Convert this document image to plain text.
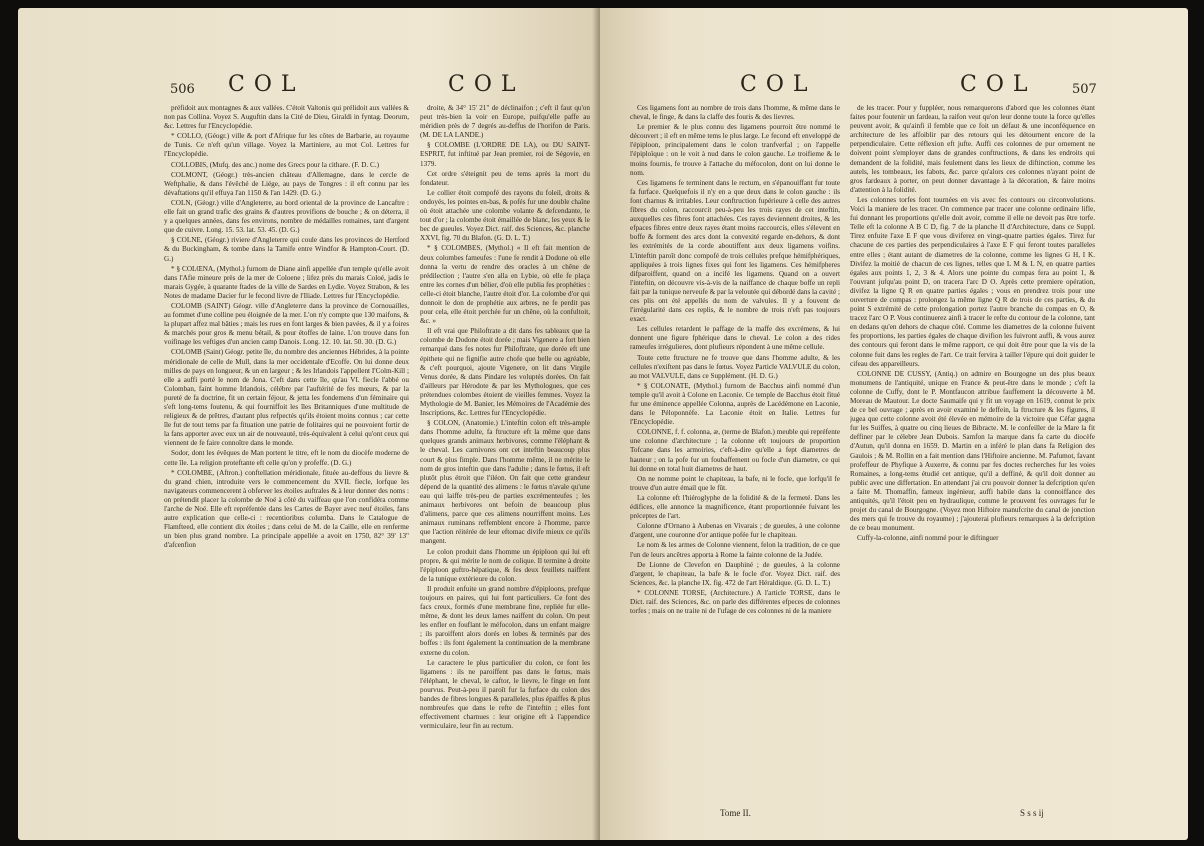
506 COL	COL

préfidoit aux montagnes & aux vallées. C'étoit Valtonis qui prélidoit aux vallées & non pas Collina. Voyez S. Auguftin dans la Cité de Dieu, Giraldi in fyntag. Deorum, &c. Lettres fur l'Encyclopédie.

* COLLO, (Géogr.) ville & port d'Afrique fur les côtes de Barbarie, au royaume de Tunis. Ce n'eft qu'un village. Voyez la Martiniere, au mot Col. Lettres fur l'Encyclopédie.

COLLOBIS, (Mufq. des anc.) nome des Grecs pour la cithare. (F. D. C.)

COLMONT, (Géogr.) très-ancien château d'Allemagne, dans le cercle de Weftphalie, & dans l'évêché de Liége, au pays de Tongres : il eft connu par les dévaftations qu'il effuya l'an 1150 & l'an 1429. (D. G.)

COLN, (Géogr.) ville d'Angleterre, au bord oriental de la province de Lancaftre : elle fait un grand trafic des grains & d'autres provifions de bouche ; & on déterra, il y a quelques années, dans fes environs, nombre de médailles romaines, tant d'argent que de cuivre. Long. 15. 53. lat. 53. 45. (D. G.)

§ COLNE, (Géogr.) riviere d'Angleterre qui coule dans les provinces de Hertford & du Buckingham, & tombe dans la Tamife entre Windfor & Hampton-Court. (D. G.)

* § COLŒNA, (Mythol.) furnom de Diane ainfi appellée d'un temple qu'elle avoit dans l'Afie mineure près de la mer de Coloene ; lifez près du marais Coloé, jadis le marais Gygée, à quarante ftades de la ville de Sardes en Lydie. Voyez Strabon, & les Notes de madame Dacier fur le fecond livre de l'Iliade. Lettres fur l'Encyclopédie.

COLOMB (SAINT) Géogr. ville d'Angleterre dans la province de Cornouailles, au fommet d'une colline peu éloignée de la mer. L'on n'y compte que 130 maifons, & la plupart affez mal bâties ; mais les rues en font larges & bien pavées, & il y a foires & marchés pour gros & menu bétail, & pour étoffes de laine. L'on trouve dans fon voifinage les veftiges d'un ancien camp Danois. Long. 12. 10. lat. 50. 30. (D. G.)

COLOMB (Saint) Géogr. petite île, du nombre des anciennes Hébrides, à la pointe méridionale de celle de Mull, dans la mer occidentale d'Ecoffe. On lui donne deux milles de pays en longueur, & un en largeur ; & les Irlandois l'appellent I'Colm-Kill ; elle a auffi porté le nom de Jona. C'eft dans cette île, qu'au VI. fiecle l'abbé ou Colomban, faint homme Irlandois, célébre par l'auftérité de fes mœurs, & par la pureté de fa doctrine, fit un certain féjour, & jetta les fondemens d'un féminaire qui s'eft long-tems foutenu, & qui fourniffoit les îles Britanniques d'une multitude de religieux & de prêtres, d'autant plus refpectés qu'ils étoient moins connus ; car cette île fut de tout tems par fa fituation une patrie de folitaires qui ne pouvoient fortir de la fans apporter avec eux un air de nouveauté, très-équivalent à celui qu'ont ceux qui viennent de fe faire connoître dans le monde.

Sodor, dont les évêques de Man portent le titre, eft le nom du diocèfe moderne de cette île. La religion proteftante eft celle qu'on y profeffe. (D. G.)

* COLOMBE, (Aftron.) conftellation méridionale, fituée au-deffous du lievre & du grand chien, introduite vers le commencement du XVII. fiecle, lorfque les navigateurs commencerent à obferver les étoiles auftrales & à leur donner des noms : on prétendit placer la colombe de Noé à côté du vaiffeau que l'on confidéra comme l'arche de Noé. Elle eft repréfentée dans les Cartes de Bayer avec neuf étoiles, fans autre explication que celle-ci : recentioribus columba. Dans le Catalogue de Flamfteed, elle contient dix étoiles ; dans celui de M. de la Caille, elle en renferme un bien plus grand nombre. La principale appellée a avoit en 1750, 82° 39' 13" d'afcenfion

droite, & 34° 15' 21" de déclinaifon ; c'eft il faut qu'on peut très-bien la voir en Europe, puifqu'elle paffe au méridien près de 7 degrés au-deffus de l'horifon de Paris. (M. DE LA LANDE.)

§ COLOMBE (L'ORDRE DE LA), ou DU SAINT-ESPRIT, fut inftitué par Jean premier, roi de Ségovie, en 1379.

Cet ordre s'éteignit peu de tems après la mort du fondateur.

Le collier étoit compofé des rayons du foleil, droits & ondoyés, les pointes en-bas, & pofés fur une double chaîne où étoit attachée une colombe volante & defcendante, le tout d'or ; la colombe étoit émaillée de blanc, les yeux & le bec de gueules. Voyez Dict. raif. des Sciences, &c. planche XXVI, fig. 70 du Blafon. (G. D. L. T.)

* § COLOMBES, (Mythol.) « Il eft fait mention de deux colombes fameufes : l'une fe rendit à Dodone où elle donna la vertu de rendre des oracles à un chêne de prédilection ; l'autre s'en alla en Lybie, où elle fe plaça entre les cornes d'un bélier, d'où elle publia fes prophéties : celle-ci étoit blanche, l'autre étoit d'or. La colombe d'or qui donnoit le don de prophétie aux arbres, ne fe perdit pas pour cela, elle étoit perchée fur un chêne, où la confultoit, &c. »

Il eft vrai que Philoftrate a dit dans fes tableaux que la colombe de Dodone étoit dorée ; mais Vigenere a fort bien remarqué dans fes notes fur Philoftrate, que dorée eft une épithete qui ne fignifie autre chofe que belle ou agréable, & c'eft pourquoi, ajoute Vigenere, on lit dans Virgile Venus dorée, & dans Pindare les voluptés dorées. On fait d'ailleurs par Hérodote & par les Mythologues, que ces prétendues colombes étoient de vieilles femmes. Voyez la Mythologie de M. Banier, les Mémoires de l'Académie des Inscriptions, &c. Lettres fur l'Encyclopédie.

§ COLON, (Anatomie.) L'inteftin colon eft très-ample dans l'homme adulte, fa ftructure eft la même que dans quelques grands animaux herbivores, comme l'éléphant & le cheval. Les carnivores ont cet inteftin beaucoup plus court & plus fimple. Dans l'homme même, il ne mérite le nom de gros inteftin que dans l'adulte ; dans le fœtus, il eft plutôt plus étroit que l'iléon. On fait que cette grandeur dépend de la quantité des alimens : le fœtus n'avale qu'une eau qui laiffe très-peu de parties excrémenteufes ; les animaux herbivores ont befoin de beaucoup plus d'alimens, parce que ces alimens nourriffent moins. Les animaux ruminans reffemblent encore à l'homme, parce que l'action réitérée de leur eftomac divife mieux ce qu'ils mangent.

Le colon produit dans l'homme un épiploon qui lui eft propre, & qui mérite le nom de colique. Il termine à droite l'épiploon guftro-hépatique, & fes deux feuillets naiffent de la tunique extérieure du colon.

Il produit enfuite un grand nombre d'épiploons, prefque toujours en paires, qui lui font particuliers. Ce font des facs creux, formés d'une membrane fine, repliée fur elle-même, & dont les deux lames naiffent du colon. On peut les enfler en fouflant le méfocolon, dans un enfant maigre ; ils paroiffent alors dorés en lobes & terminés par des boffes : ils font également la continuation de la membrane externe du colon.

Le caractere le plus particulier du colon, ce font les ligamens : ils ne paroiffent pas dans le fœtus, mais l'éléphant, le cheval, le caftor, le lievre, le finge en font pourvus. Peut-à-peu il paroît fur la furface du colon des bandes de fibres longues & paralleles, plus épaiffes & plus nombreufes que dans le refte de l'inteftin ; elles font effectivement charnues : leur origine eft à l'appendice vermiculaire, leur fin au rectum.

COL	COL	507

Ces ligamens font au nombre de trois dans l'homme, & même dans le cheval, le finge, & dans la claffe des fouris & des lievres.

Le premier & le plus connu des ligamens pourroit être nommé le découvert ; il eft en même tems le plus large. Le fecond eft enveloppé de l'épiploon, principalement dans le colon tranfverfal ; on l'appelle l'épiploïque : on le voit à nud dans le colon gauche. Le troifieme & le moins fournis, fe trouve à l'attache du méfocolon, dont on lui donne le nom.

Ces ligamens fe terminent dans le rectum, en s'épanouiffant fur toute fa furface. Quelquefois il n'y en a que deux dans le colon gauche : ils font charnus & irritables. Leur conftruction fupérieure à celle des autres fibres du colon, raccourcit peu-à-peu les trois rayes de cet inteftin, auxquelles ces fibres font attachées. Ces rayes deviennent droites, & les efpaces fibres entre deux rayes étant moins raccourcis, elles s'élevent en boffe & forment des arcs dont la convexité regarde en-dehors, & dont les extrémités de la corde aboutiffent aux deux ligamens voifins. L'inteftin paroît donc compofé de trois cellules prefque hémifphériques, appliquées à trois lignes fixes qui font les ligamens. Ces hémifpheres difparoiffent, quand on a incifé les ligamens. Quand on a ouvert l'inteftin, on découvre vis-à-vis de la naiffance de chaque boffe un repli fait par la tunique nerveufe & par la veloutée qui débordé dans la cavité ; ces plis ont été appellés du nom de valvules. Il y a fouvent de l'irrégularité dans ces replis, & le nombre de trois n'eft pas toujours exact.

Les cellules retardent le paffage de la maffe des excrémens, & lui donnent une figure fphérique dans le cheval. Le colon a des rides rameufes irrégulieres, dont plufieurs répondent à une même cellule.

Toute cette ftructure ne fe trouve que dans l'homme adulte, & les cellules n'exiftent pas dans le fœtus. Voyez Particle VALVULE du colon, au mot VALVULE, dans ce Supplément. (H. D. G.)

* § COLONATE, (Mythol.) furnom de Bacchus ainfi nommé d'un temple qu'il avoit à Colone en Laconie. Ce temple de Bacchus étoit fitué fur une éminence appellée Colonna, auprès de Lacédémone en Laconie, dans le Péloponnèfe. La Laconie étoit en Italie. Lettres fur l'Encyclopédie.

COLONNE, f. f. colonna, æ, (terme de Blafon.) meuble qui repréfente une colonne d'architecture ; la colonne eft toujours de proportion Tofcane dans les armoiries, c'eft-à-dire qu'elle a fept diametres de hauteur ; on la pofe fur un foubaffement ou focle d'un diametre, ce qui lui donne en total huit diametres de haut.

On ne nomme point le chapiteau, la bafe, ni le focle, que lorfqu'il fe trouve d'un autre émail que le fût.

La colonne eft l'hiéroglyphe de la folidité & de la fermeté. Dans les édifices, elle annonce la magnificence, étant proportionnée fuivant les préceptes de l'art.

Colonne d'Ornano à Aubenas en Vivarais ; de gueules, à une colonne d'argent, une couronne d'or antique pofée fur le chapiteau.

Le nom & les armes de Colonne viennent, felon la tradition, de ce que l'un de leurs ancêtres apporta à Rome la fainte colonne de la Judée.

De Lionne de Clevefon en Dauphiné ; de gueules, à la colonne d'argent, le chapiteau, la bafe & le focle d'or. Voyez Dict. raif. des Sciences, &c. la planche IX. fig. 472 de l'art Héraldique. (G. D. L. T.)

* COLONNE TORSE, (Architecture.) A l'article TORSE, dans le Dict. raif. des Sciences, &c. on parle des différentes efpeces de colonnes torfes ; mais on ne traite ni de l'ufage de ces colonnes ni de la maniere

de les tracer. Pour y fuppléer, nous remarquerons d'abord que les colonnes étant faites pour foutenir un fardeau, la raifon veut qu'on leur donne toute la force qu'elles peuvent avoir, & qu'ainfi il femble que ce foit un défaut & une inconféquence en architecture de les affoiblir par des retours qui les détournent encore de la perpendiculaire. Cette réflexion eft jufte. Auffi ces colonnes de pur ornement ne doivent point s'employer dans de grandes conftructions, & dans les endroits qui demandent de la folidité, mais feulement dans les lieux de diftinction, comme les autels, les tombeaux, les fabots, &c. parce qu'alors ces colonnes n'ayant point de gros fardeaux à porter, on peut donner davantage à la décoration, & faire moins d'attention à la folidité.

Les colonnes torfes font tournées en vis avec fes contours ou circonvolutions. Voici la maniere de les tracer. On commence par tracer une colonne ordinaire lifle, fui donnant les proportions qu'elle doit avoir, comme il elle ne devoit pas être torfe. Telle eft la colonne A B C D, fig. 7 de la planche II d'Architecture, dans ce Suppl. Tirez enfuite l'axe E F que vous diviferez en vingt-quatre parties égales. Tirez fur chacune de ces parties des perpendiculaires à l'axe E F qui feront toutes paralleles entre elles ; étant autant de diametres de la colonne, comme les lignes G H, I K. Divifez la moitié de chacun de ces lignes, telles que L M & L N, en quatre parties égales aux points 1, 2, 3 & 4. Alors une pointe du compas fera au point 1, & l'ouvrant jufqu'au point D, on tracera l'arc D O. Après cette premiere opération, divifez la ligne Q R en quatre parties égales ; vous en prendrez trois pour une ouverture de compas : prolongez la même ligne Q R de trois de ces parties, & du point S extrémité de cette prolongation portez l'autre branche du compas en O, & tracez l'arc O P. Vous continuerez ainfi à tracer le refte du contour de la colonne, tant en dedans qu'en dehors de chaque côté. Comme les diametres de la colonne fuivent fes proportions, les parties égales de chaque divifion les fuivront auffi, & vous aurez des contours qui feront dans le même rapport, ce qui doit être pour que la vis de la colonne fuit dans les regles de l'art. Ce trait fervira à tailler l'épure qui doit guider le cifeau des appareilleurs.

COLONNE DE CUSSY, (Antiq.) on admire en Bourgogne un des plus beaux monumens de l'antiquité, unique en France & peut-être dans le monde ; c'eft la colonne de Cuffy, dont le P. Montfaucon attribue fauffement la découverte à M. Moreau de Mautour. Le docte Saumaife qui y fit un voyage en 1619, connut le prix de ce bel ouvrage ; après en avoir examiné le deffein, la ftructure & les figures, il jugea que cette colonne avoit été élevée en mémoire de la victoire que Céfar gagna fur les Suiffes, à quatre ou cinq lieues de Bibracte. M. le confeiller de la Mare la fit deffiner par le célebre Jean Dubois. Samfon la marque dans fa carte du diocèfe d'Autun, qu'il donna en 1659. D. Martin en a inféré le plan dans fa Religion des Gaulois ; & M. Rollin en a fait mention dans l'Hiftoire ancienne. M. Pafumot, favant profeffeur de Phyfique à Auxerre, & connu par fes doctes recherches fur les voies Romaines, a long-tems étudié cet antique, qu'il a deffiné, & qu'il doit donner au public avec une differtation. En attendant j'ai cru pouvoir donner la defcription qu'en a faite M. Thomaffin, fameux ingénieur, auffi habile dans la connoiffance des antiquités, qu'il l'étoit peu en hydraulique, comme le prouvent fes ouvrages fur le projet du canal de Bourgogne. (Voyez mon Hiftoire manufcrite du canal de jonction des mers qui fe trouve du royaume) ; j'ajouterai plufieurs remarques à la defcription de ce beau monument.

Cuffy-la-colonne, ainfi nommé pour le diftinguer

Tome II.	S s s ij
